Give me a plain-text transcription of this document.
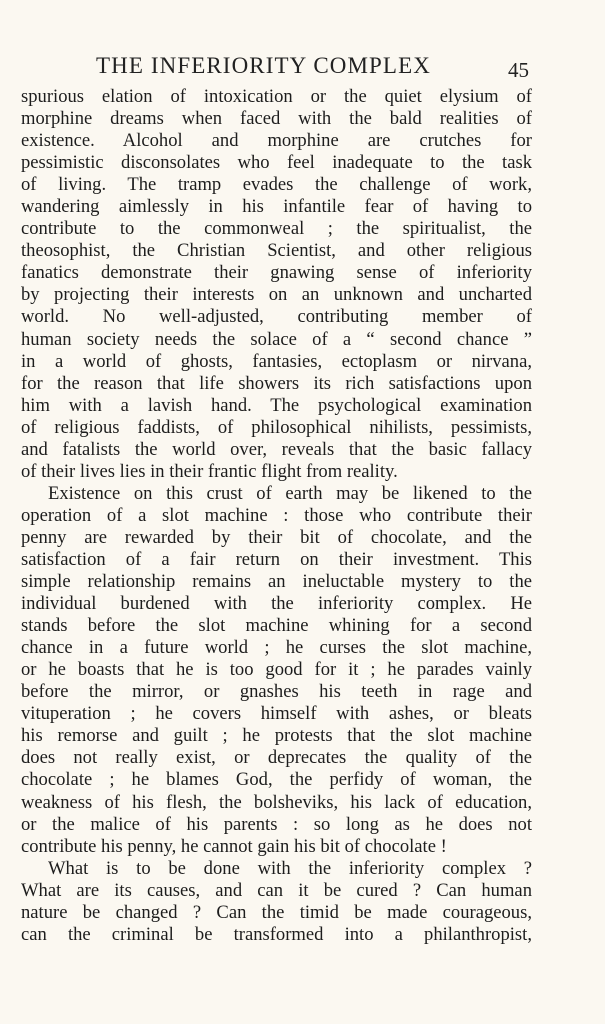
THE INFERIORITY COMPLEX	45
spurious elation of intoxication or the quiet elysium of
morphine dreams when faced with the bald realities of
existence. Alcohol and morphine are crutches for
pessimistic disconsolates who feel inadequate to the task
of living. The tramp evades the challenge of work,
wandering aimlessly in his infantile fear of having to
contribute to the commonweal ; the spiritualist, the
theosophist, the Christian Scientist, and other religious
fanatics demonstrate their gnawing sense of inferiority
by projecting their interests on an unknown and uncharted
world. No well-adjusted, contributing member of
human society needs the solace of a “ second chance ”
in a world of ghosts, fantasies, ectoplasm or nirvana,
for the reason that life showers its rich satisfactions upon
him with a lavish hand. The psychological examination
of religious faddists, of philosophical nihilists, pessimists,
and fatalists the world over, reveals that the basic fallacy
of their lives lies in their frantic flight from reality.
Existence on this crust of earth may be likened to the
operation of a slot machine : those who contribute their
penny are rewarded by their bit of chocolate, and the
satisfaction of a fair return on their investment. This
simple relationship remains an ineluctable mystery to the
individual burdened with the inferiority complex. He
stands before the slot machine whining for a second
chance in a future world ; he curses the slot machine,
or he boasts that he is too good for it ; he parades vainly
before the mirror, or gnashes his teeth in rage and
vituperation ; he covers himself with ashes, or bleats
his remorse and guilt ; he protests that the slot machine
does not really exist, or deprecates the quality of the
chocolate ; he blames God, the perfidy of woman, the
weakness of his flesh, the bolsheviks, his lack of education,
or the malice of his parents : so long as he does not
contribute his penny, he cannot gain his bit of chocolate !
What is to be done with the inferiority complex ?
What are its causes, and can it be cured ? Can human
nature be changed ? Can the timid be made courageous,
can the criminal be transformed into a philanthropist,
